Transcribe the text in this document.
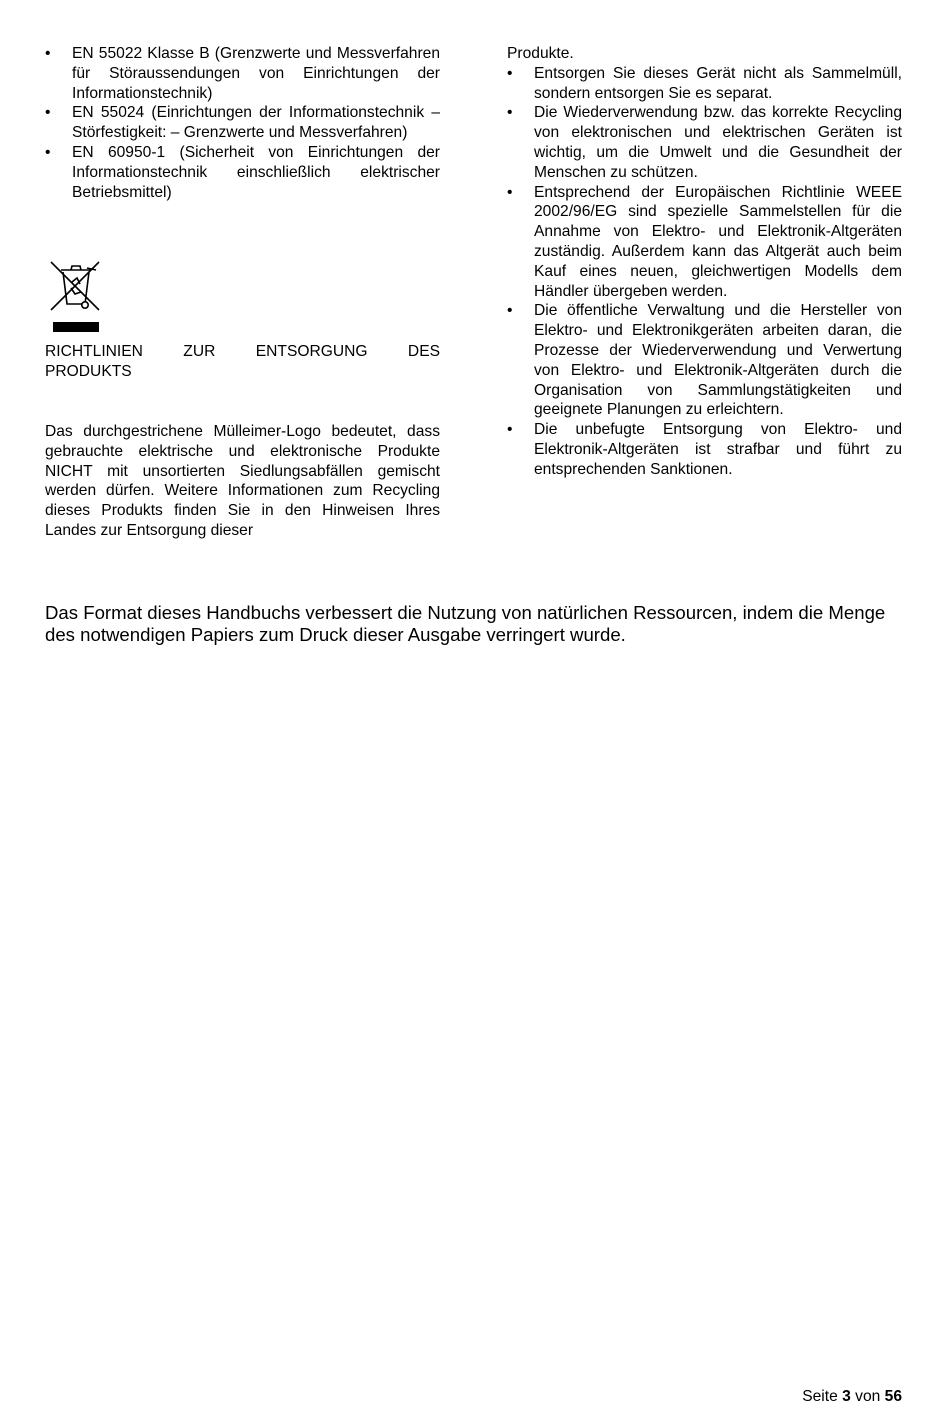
• EN 55022 Klasse B (Grenzwerte und Messverfahren für Störaussendungen von Einrichtungen der Informationstechnik)
• EN 55024 (Einrichtungen der Informationstechnik – Störfestigkeit: – Grenzwerte und Messverfahren)
• EN 60950-1 (Sicherheit von Einrichtungen der Informationstechnik einschließlich elektrischer Betriebsmittel)
RICHTLINIEN ZUR ENTSORGUNG DES
PRODUKTS

Das durchgestrichene Mülleimer-Logo bedeutet, dass gebrauchte elektrische und elektronische Produkte NICHT mit unsortierten Siedlungsabfällen gemischt werden dürfen. Weitere Informationen zum Recycling dieses Produkts finden Sie in den Hinweisen Ihres Landes zur Entsorgung dieser

Produkte.

• Entsorgen Sie dieses Gerät nicht als Sammelmüll, sondern entsorgen Sie es separat.
• Die Wiederverwendung bzw. das korrekte Recycling von elektronischen und elektrischen Geräten ist wichtig, um die Umwelt und die Gesundheit der Menschen zu schützen.
• Entsprechend der Europäischen Richtlinie WEEE 2002/96/EG sind spezielle Sammelstellen für die Annahme von Elektro- und Elektronik-Altgeräten zuständig. Außerdem kann das Altgerät auch beim Kauf eines neuen, gleichwertigen Modells dem Händler übergeben werden.
• Die öffentliche Verwaltung und die Hersteller von Elektro- und Elektronikgeräten arbeiten daran, die Prozesse der Wiederverwendung und Verwertung von Elektro- und Elektronik-Altgeräten durch die Organisation von Sammlungstätigkeiten und geeignete Planungen zu erleichtern.
• Die unbefugte Entsorgung von Elektro- und Elektronik-Altgeräten ist strafbar und führt zu entsprechenden Sanktionen.
Das Format dieses Handbuchs verbessert die Nutzung von natürlichen Ressourcen, indem die Menge des notwendigen Papiers zum Druck dieser Ausgabe verringert wurde.
Seite 3 von 56
